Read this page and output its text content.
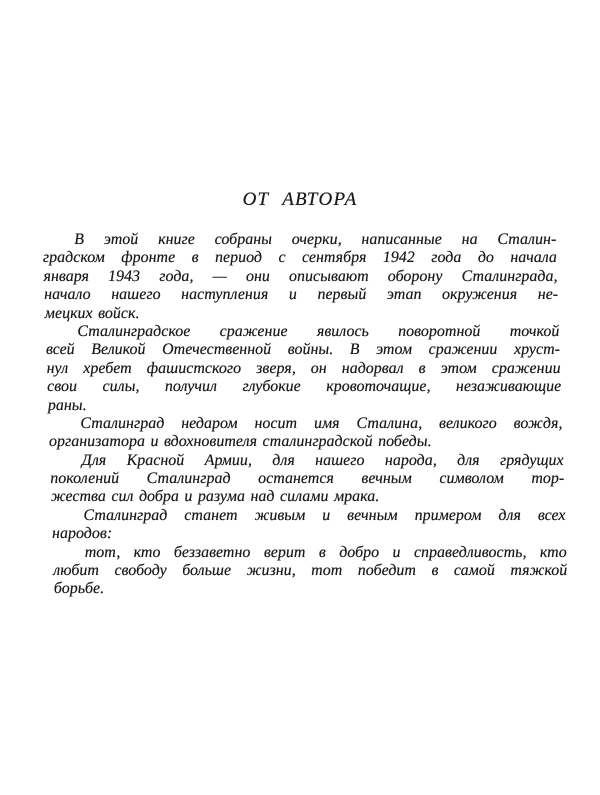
ОТ АВТОРА
В этой книге собраны очерки, написанные на Сталин-
градском фронте в период с сентября 1942 года до начала
января 1943 года, — они описывают оборону Сталинграда,
начало нашего наступления и первый этап окружения не-
мецких войск.
Сталинградское сражение явилось поворотной точкой
всей Великой Отечественной войны. В этом сражении хруст-
нул хребет фашистского зверя, он надорвал в этом сражении
свои силы, получил глубокие кровоточащие, незаживающие
раны.
Сталинград недаром носит имя Сталина, великого вождя,
организатора и вдохновителя сталинградской победы.
Для Красной Армии, для нашего народа, для грядущих
поколений Сталинград останется вечным символом тор-
жества сил добра и разума над силами мрака.
Сталинград станет живым и вечным примером для всех
народов:
тот, кто беззаветно верит в добро и справедливость, кто
любит свободу больше жизни, тот победит в самой тяжкой
борьбе.
